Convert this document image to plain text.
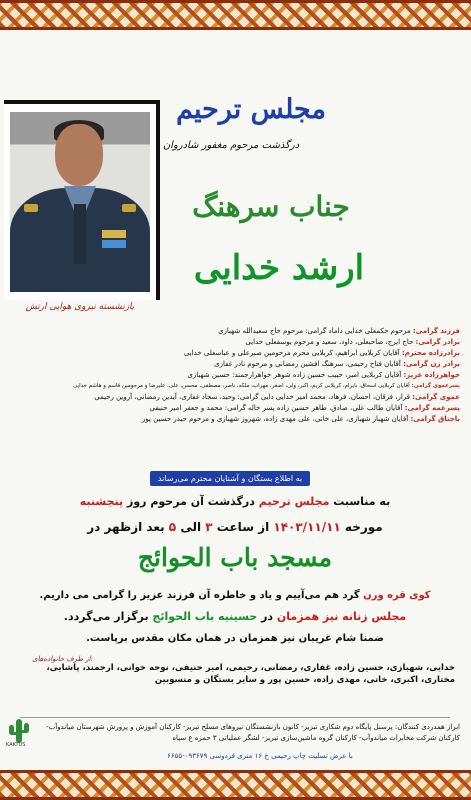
بازنشسته نیروی هوایی ارتش
مجلس ترحیم
درگذشت مرحوم مغفور شادروان
جناب سرهنگ
ارشد خدایی
فرزند گرامی: مرحوم حکمعلی خدایی داماد گرامی: مرحوم حاج سعیدالله شهبازی
برادر گرامی: حاج ایرج، صاحبعلی، داود، سعید و مرحوم یوسفعلی خدایی
برادرزاده محترم: آقایان کربلایی ابراهیم، کربلایی محرم مرحومین صبرعلی و عباسعلی خدایی
برادر زن گرامی: آقایان فتاح رحیمی، سرهنگ افشین رمضانی و مرحوم نادر غفاری
خواهرزاده عزیز: آقایان کربلایی امیر، حبیب حسین زاده شوهر خواهرارجمند: حسین شهبازی
پسرعموی گرامی: آقایان کربلایی اسحاق، بایرام، کربلایی کریم، اکبر، ولی، اصغر، مهراب، ملکه، ناصر، مصطفی، محسن، علی، علیرضا و مرحومین قاسم و هاشم خدایی
عموی گرامی: قرار، فرقان، احسان، فرهاد، محمد امیر خدایی دایی گرامی: وحید، سجاد غفاری، آیدین رمضانی، آروین رحیمی
پسرعمه گرامی: آقایان طالب علی، صادق، طاهر حسین زاده پسر خاله گرامی: محمد و جعفر امیر حنیفی
باجناق گرامی: آقایان شهباز شهبازی، علی خانی، علی مهدی زاده، شهروز شهبازی و مرحوم حیدر حسین پور
به اطلاع بستگان و آشنایان محترم می‌رساند
به مناسبت مجلس ترحیم درگذشت آن مرحوم روز پنجشنبه
مورخه ۱۴۰۳/۱۱/۱۱ از ساعت ۳ الی ۵ بعد ازظهر در
مسجد باب الحوائج
کوی قره ورن گرد هم می‌آییم و یاد و خاطره آن فرزند عزیز را گرامی می داریم.
مجلس زنانه نیز همزمان در حسینیه باب الحوائج برگزار می‌گردد.
ضمنا شام غریبان نیز همزمان در همان مکان مقدس برپاست.
از طرف خانواده‌های:
خدایی، شهبازی، حسین زاده، غفاری، رمضانی، رحیمی، امیر حنیفی، نوحه خوانی، ارجمند، پاشایی، مختاری، اکبری، خانی، مهدی زاده، حسین پور و سایر بستگان و منسوبین
ابراز همدردی کنندگان: پرسنل پایگاه دوم شکاری تبریز- کانون بازنشستگان نیروهای مسلح تبریز- کارکنان آموزش و پرورش شهرستان میاندوآب- کارکنان شرکت مخابرات میاندوآب- کارکنان گروه ماشین‌سازی تبریز- لشگر عملیاتی ۳ حمزه ع سپاه
با عرض تسلیت چاپ رحیمی خ ۱۶ متری فردوسی ۰۹۳۶۷۹-۶۶۵۵
KAKTUS
